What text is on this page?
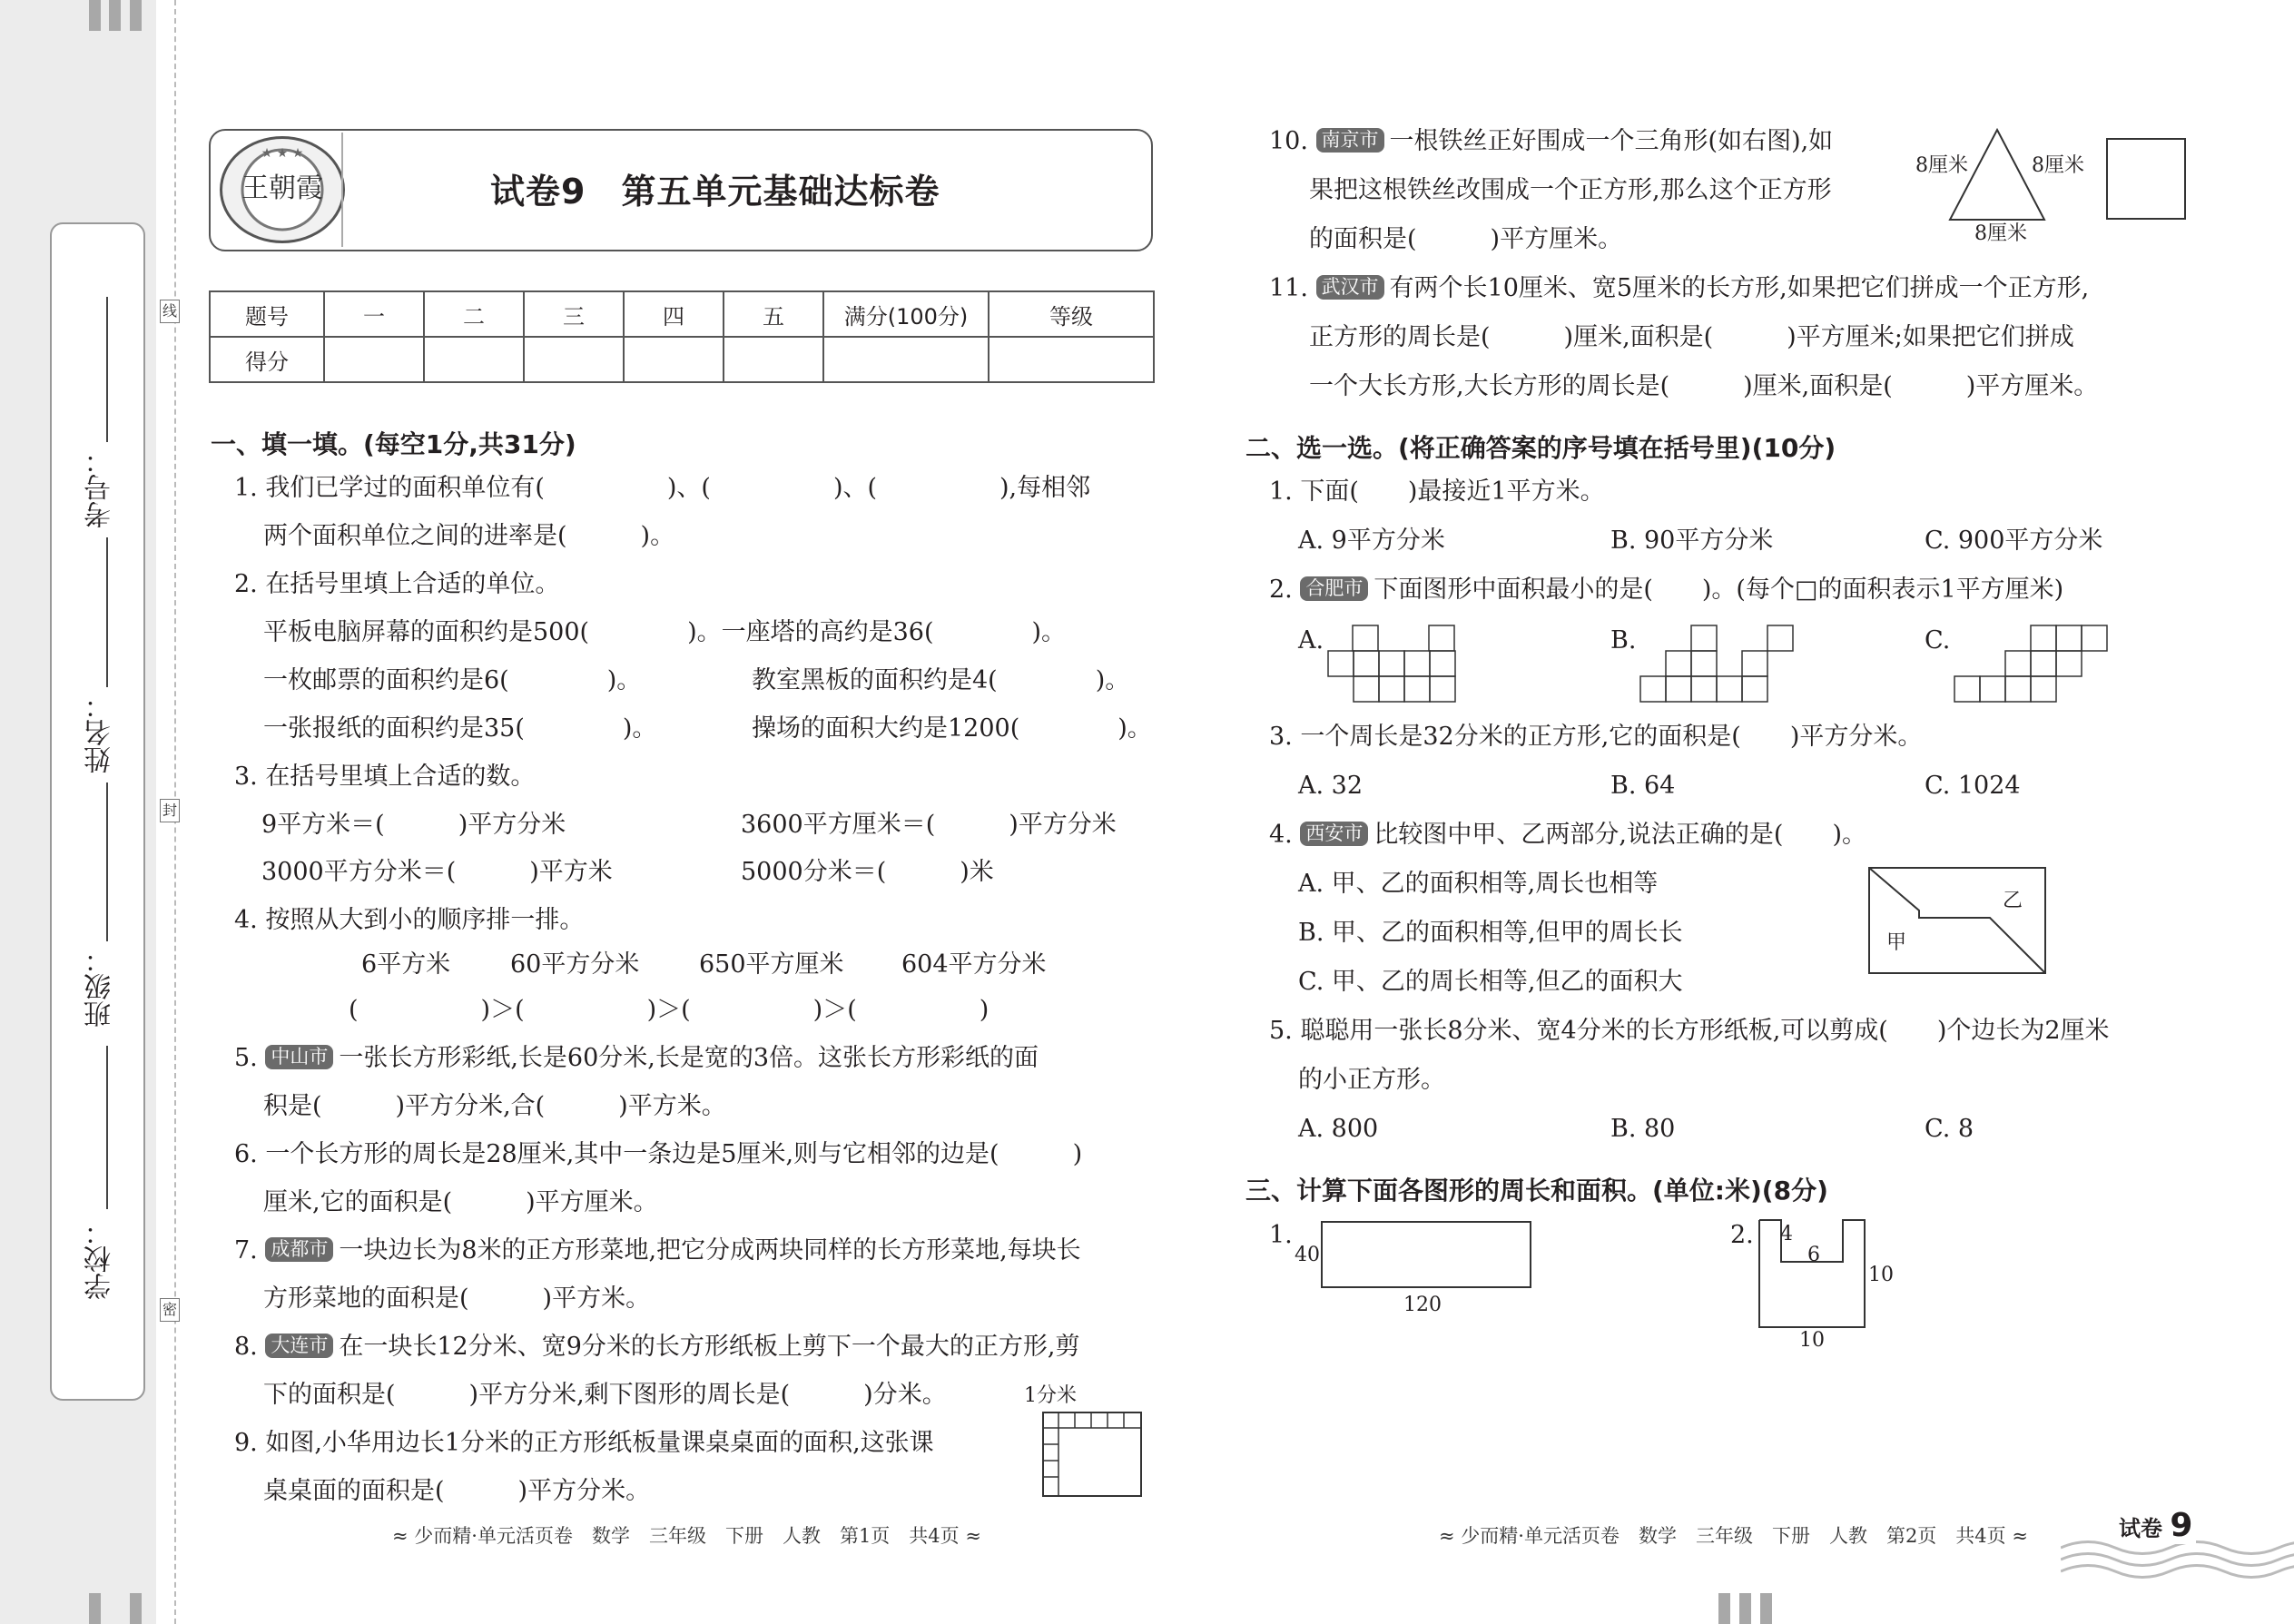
学校：
班级：
姓名：
考号：
线
封
密
王朝霞
★ ★ ★
试卷9　第五单元基础达标卷
题号	一	二	三	四	五	满分(100分)	等级
得分							
一、填一填。(每空1分,共31分)
1. 我们已学过的面积单位有(　　　　　)、(　　　　　)、(　　　　　),每相邻
两个面积单位之间的进率是(　　　)。
2. 在括号里填上合适的单位。
平板电脑屏幕的面积约是500(　　　　)。一座塔的高约是36(　　　　)。
一枚邮票的面积约是6(　　　　)。	教室黑板的面积约是4(　　　　)。
一张报纸的面积约是35(　　　　)。	操场的面积大约是1200(　　　　)。
3. 在括号里填上合适的数。
9平方米＝(　　　)平方分米	3600平方厘米＝(　　　)平方分米
3000平方分米＝(　　　)平方米	5000分米＝(　　　)米
4. 按照从大到小的顺序排一排。
6平方米 60平方分米 650平方厘米 604平方分米
(　　　　　)＞(　　　　　)＞(　　　　　)＞(　　　　　)
5. 中山市 一张长方形彩纸,长是60分米,长是宽的3倍。这张长方形彩纸的面
积是(　　　)平方分米,合(　　　)平方米。
6. 一个长方形的周长是28厘米,其中一条边是5厘米,则与它相邻的边是(　　　)
厘米,它的面积是(　　　)平方厘米。
7. 成都市 一块边长为8米的正方形菜地,把它分成两块同样的长方形菜地,每块长
方形菜地的面积是(　　　)平方米。
8. 大连市 在一块长12分米、宽9分米的长方形纸板上剪下一个最大的正方形,剪
下的面积是(　　　)平方分米,剩下图形的周长是(　　　)分米。
9. 如图,小华用边长1分米的正方形纸板量课桌桌面的面积,这张课
桌桌面的面积是(　　　)平方分米。
1分米
≈ 少而精·单元活页卷　数学　三年级　下册　人教　第1页　共4页 ≈
10. 南京市 一根铁丝正好围成一个三角形(如右图),如
果把这根铁丝改围成一个正方形,那么这个正方形
的面积是(　　　)平方厘米。
8厘米	8厘米
8厘米
11. 武汉市 有两个长10厘米、宽5厘米的长方形,如果把它们拼成一个正方形,
正方形的周长是(　　　)厘米,面积是(　　　)平方厘米;如果把它们拼成
一个大长方形,大长方形的周长是(　　　)厘米,面积是(　　　)平方厘米。
二、选一选。(将正确答案的序号填在括号里)(10分)
1. 下面(　　)最接近1平方米。
A. 9平方分米	B. 90平方分米	C. 900平方分米
2. 合肥市 下面图形中面积最小的是(　　)。(每个□的面积表示1平方厘米)
A.	B.	C.
3. 一个周长是32分米的正方形,它的面积是(　　)平方分米。
A. 32	B. 64	C. 1024
4. 西安市 比较图中甲、乙两部分,说法正确的是(　　)。
A. 甲、乙的面积相等,周长也相等
B. 甲、乙的面积相等,但甲的周长长
C. 甲、乙的周长相等,但乙的面积大
甲
乙
5. 聪聪用一张长8分米、宽4分米的长方形纸板,可以剪成(　　)个边长为2厘米
的小正方形。
A. 800	B. 80	C. 8
三、计算下面各图形的周长和面积。(单位:米)(8分)
1.
40
120
2. 4
6
10
10
≈ 少而精·单元活页卷　数学　三年级　下册　人教　第2页　共4页 ≈	试卷 9
